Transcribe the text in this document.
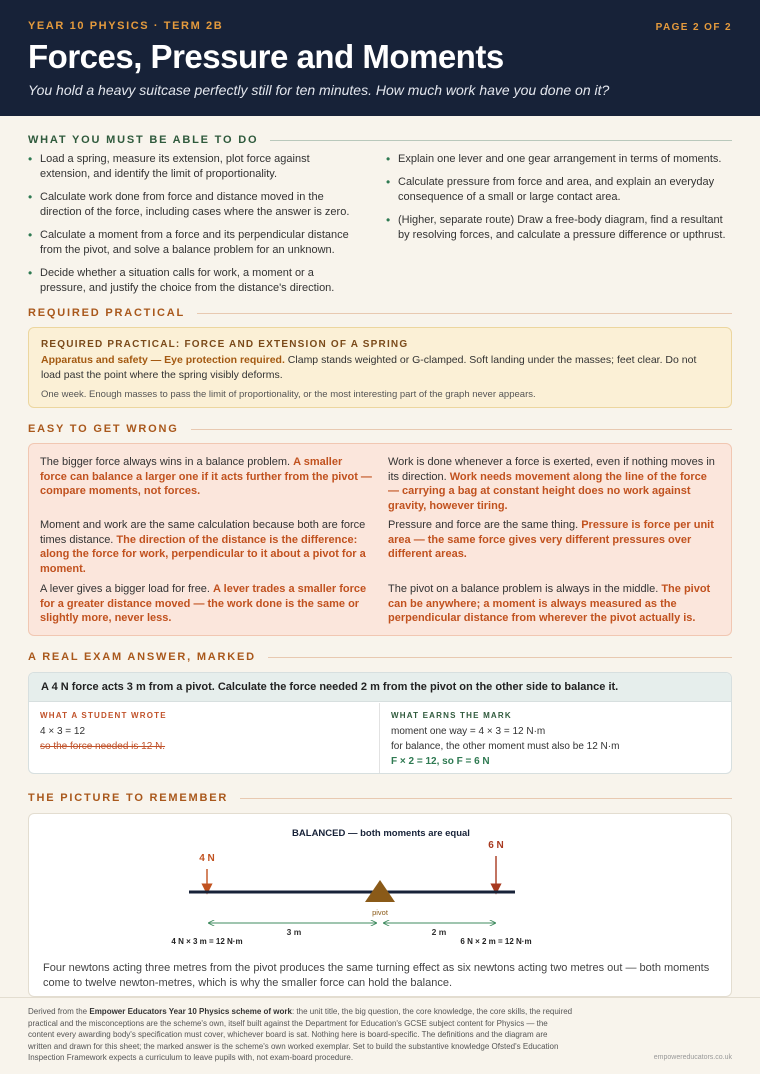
YEAR 10 PHYSICS · TERM 2B	PAGE 2 OF 2
Forces, Pressure and Moments
You hold a heavy suitcase perfectly still for ten minutes. How much work have you done on it?
WHAT YOU MUST BE ABLE TO DO
• Load a spring, measure its extension, plot force against extension, and identify the limit of proportionality.
• Calculate work done from force and distance moved in the direction of the force, including cases where the answer is zero.
• Calculate a moment from a force and its perpendicular distance from the pivot, and solve a balance problem for an unknown.
• Decide whether a situation calls for work, a moment or a pressure, and justify the choice from the distance's direction.
• Explain one lever and one gear arrangement in terms of moments.
• Calculate pressure from force and area, and explain an everyday consequence of a small or large contact area.
• (Higher, separate route) Draw a free-body diagram, find a resultant by resolving forces, and calculate a pressure difference or upthrust.
REQUIRED PRACTICAL
REQUIRED PRACTICAL: FORCE AND EXTENSION OF A SPRING
Apparatus and safety — Eye protection required. Clamp stands weighted or G-clamped. Soft landing under the masses; feet clear. Do not load past the point where the spring visibly deforms.
One week. Enough masses to pass the limit of proportionality, or the most interesting part of the graph never appears.
EASY TO GET WRONG
The bigger force always wins in a balance problem. A smaller force can balance a larger one if it acts further from the pivot — compare moments, not forces.
Work is done whenever a force is exerted, even if nothing moves in its direction. Work needs movement along the line of the force — carrying a bag at constant height does no work against gravity, however tiring.
Moment and work are the same calculation because both are force times distance. The direction of the distance is the difference: along the force for work, perpendicular to it about a pivot for a moment.
Pressure and force are the same thing. Pressure is force per unit area — the same force gives very different pressures over different areas.
A lever gives a bigger load for free. A lever trades a smaller force for a greater distance moved — the work done is the same or slightly more, never less.
The pivot on a balance problem is always in the middle. The pivot can be anywhere; a moment is always measured as the perpendicular distance from wherever the pivot actually is.
A REAL EXAM ANSWER, MARKED
A 4 N force acts 3 m from a pivot. Calculate the force needed 2 m from the pivot on the other side to balance it.
WHAT A STUDENT WROTE
4 × 3 = 12
so the force needed is 12 N.
WHAT EARNS THE MARK
moment one way = 4 × 3 = 12 N·m
for balance, the other moment must also be 12 N·m
F × 2 = 12, so F = 6 N
THE PICTURE TO REMEMBER
BALANCED — both moments are equal
4 N
6 N
pivot
3 m	2 m
4 N × 3 m = 12 N·m	6 N × 2 m = 12 N·m
Four newtons acting three metres from the pivot produces the same turning effect as six newtons acting two metres out — both moments come to twelve newton-metres, which is why the smaller force can hold the balance.
Derived from the Empower Educators Year 10 Physics scheme of work: the unit title, the big question, the core knowledge, the core skills, the required practical and the misconceptions are the scheme's own, itself built against the Department for Education's GCSE subject content for Physics — the content every awarding body's specification must cover, whichever board is sat. Nothing here is board-specific. The definitions and the diagram are written and drawn for this sheet; the marked answer is the scheme's own worked exemplar. Set to build the substantive knowledge Ofsted's Education Inspection Framework expects a curriculum to leave pupils with, not exam-board procedure.	empowereducators.co.uk
